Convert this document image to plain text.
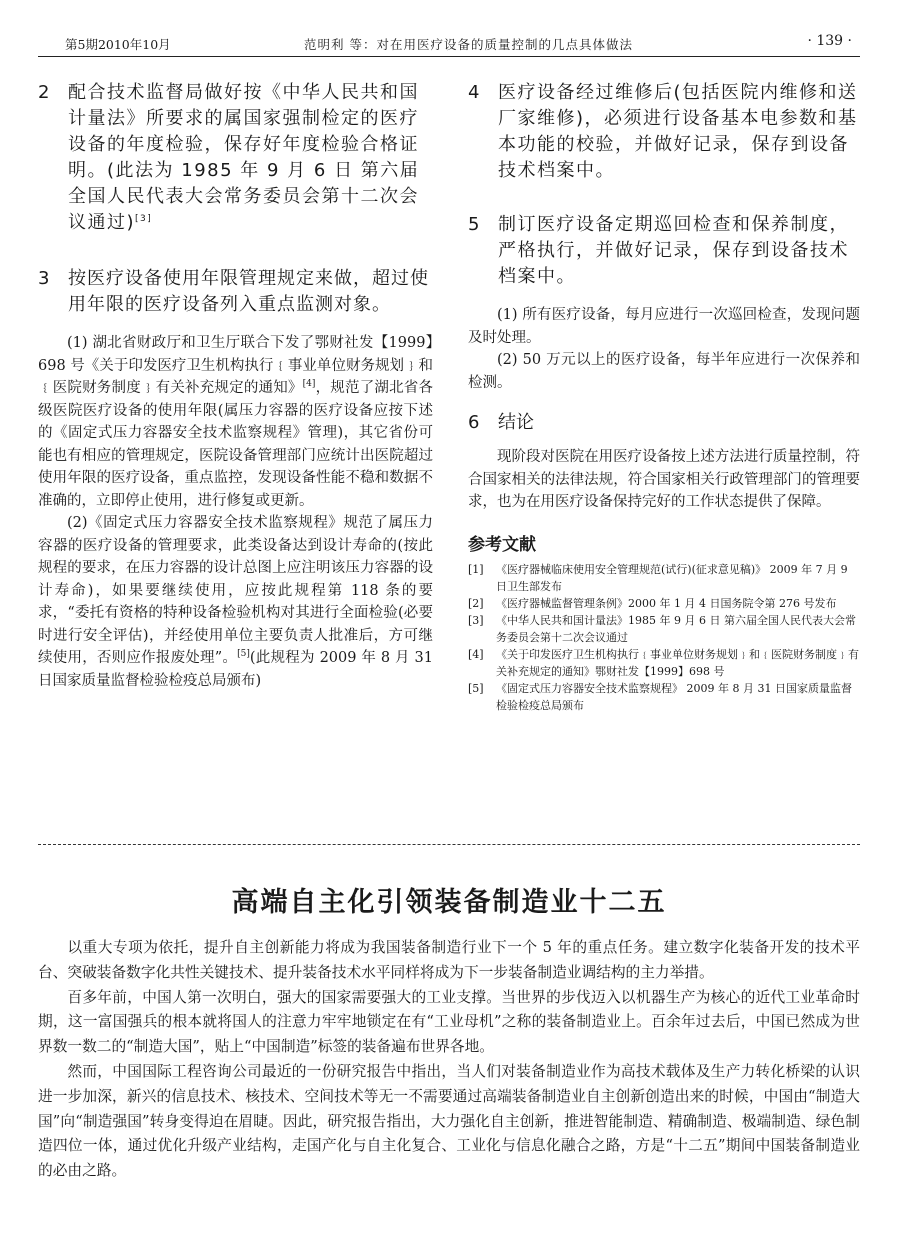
第5期2010年10月	范明利 等：对在用医疗设备的质量控制的几点具体做法	· 139 ·
2 配合技术监督局做好按《中华人民共和国计量法》所要求的属国家强制检定的医疗设备的年度检验，保存好年度检验合格证明。(此法为 1985 年 9 月 6 日 第六届全国人民代表大会常务委员会第十二次会议通过)[3]
3 按医疗设备使用年限管理规定来做，超过使用年限的医疗设备列入重点监测对象。
(1) 湖北省财政厅和卫生厅联合下发了鄂财社发【1999】698 号《关于印发医疗卫生机构执行﹛事业单位财务规划﹜和﹛医院财务制度﹜有关补充规定的通知》[4]，规范了湖北省各级医院医疗设备的使用年限(属压力容器的医疗设备应按下述的《固定式压力容器安全技术监察规程》管理)，其它省份可能也有相应的管理规定，医院设备管理部门应统计出医院超过使用年限的医疗设备，重点监控，发现设备性能不稳和数据不准确的，立即停止使用，进行修复或更新。
(2)《固定式压力容器安全技术监察规程》规范了属压力容器的医疗设备的管理要求，此类设备达到设计寿命的(按此规程的要求，在压力容器的设计总图上应注明该压力容器的设计寿命)，如果要继续使用，应按此规程第 118 条的要求，“委托有资格的特种设备检验机构对其进行全面检验(必要时进行安全评估)，并经使用单位主要负责人批准后，方可继续使用，否则应作报废处理”。[5](此规程为 2009 年 8 月 31 日国家质量监督检验检疫总局颁布)
4 医疗设备经过维修后(包括医院内维修和送厂家维修)，必须进行设备基本电参数和基本功能的校验，并做好记录，保存到设备技术档案中。
5 制订医疗设备定期巡回检查和保养制度，严格执行，并做好记录，保存到设备技术档案中。
(1) 所有医疗设备，每月应进行一次巡回检查，发现问题及时处理。
(2) 50 万元以上的医疗设备，每半年应进行一次保养和检测。
6 结论
现阶段对医院在用医疗设备按上述方法进行质量控制，符合国家相关的法律法规，符合国家相关行政管理部门的管理要求，也为在用医疗设备保持完好的工作状态提供了保障。
参考文献
[1] 《医疗器械临床使用安全管理规范(试行)(征求意见稿)》 2009 年 7 月 9 日卫生部发布
[2] 《医疗器械监督管理条例》2000 年 1 月 4 日国务院令第 276 号发布
[3] 《中华人民共和国计量法》1985 年 9 月 6 日 第六届全国人民代表大会常务委员会第十二次会议通过
[4] 《关于印发医疗卫生机构执行﹛事业单位财务规划﹜和﹛医院财务制度﹜有关补充规定的通知》鄂财社发【1999】698 号
[5] 《固定式压力容器安全技术监察规程》 2009 年 8 月 31 日国家质量监督检验检疫总局颁布
高端自主化引领装备制造业十二五

以重大专项为依托，提升自主创新能力将成为我国装备制造行业下一个 5 年的重点任务。建立数字化装备开发的技术平台、突破装备数字化共性关键技术、提升装备技术水平同样将成为下一步装备制造业调结构的主力举措。

百多年前，中国人第一次明白，强大的国家需要强大的工业支撑。当世界的步伐迈入以机器生产为核心的近代工业革命时期，这一富国强兵的根本就将国人的注意力牢牢地锁定在有“工业母机”之称的装备制造业上。百余年过去后，中国已然成为世界数一数二的“制造大国”，贴上“中国制造”标签的装备遍布世界各地。

然而，中国国际工程咨询公司最近的一份研究报告中指出，当人们对装备制造业作为高技术载体及生产力转化桥梁的认识进一步加深，新兴的信息技术、核技术、空间技术等无一不需要通过高端装备制造业自主创新创造出来的时候，中国由“制造大国”向“制造强国”转身变得迫在眉睫。因此，研究报告指出，大力强化自主创新，推进智能制造、精确制造、极端制造、绿色制造四位一体，通过优化升级产业结构，走国产化与自主化复合、工业化与信息化融合之路，方是“十二五”期间中国装备制造业的必由之路。
